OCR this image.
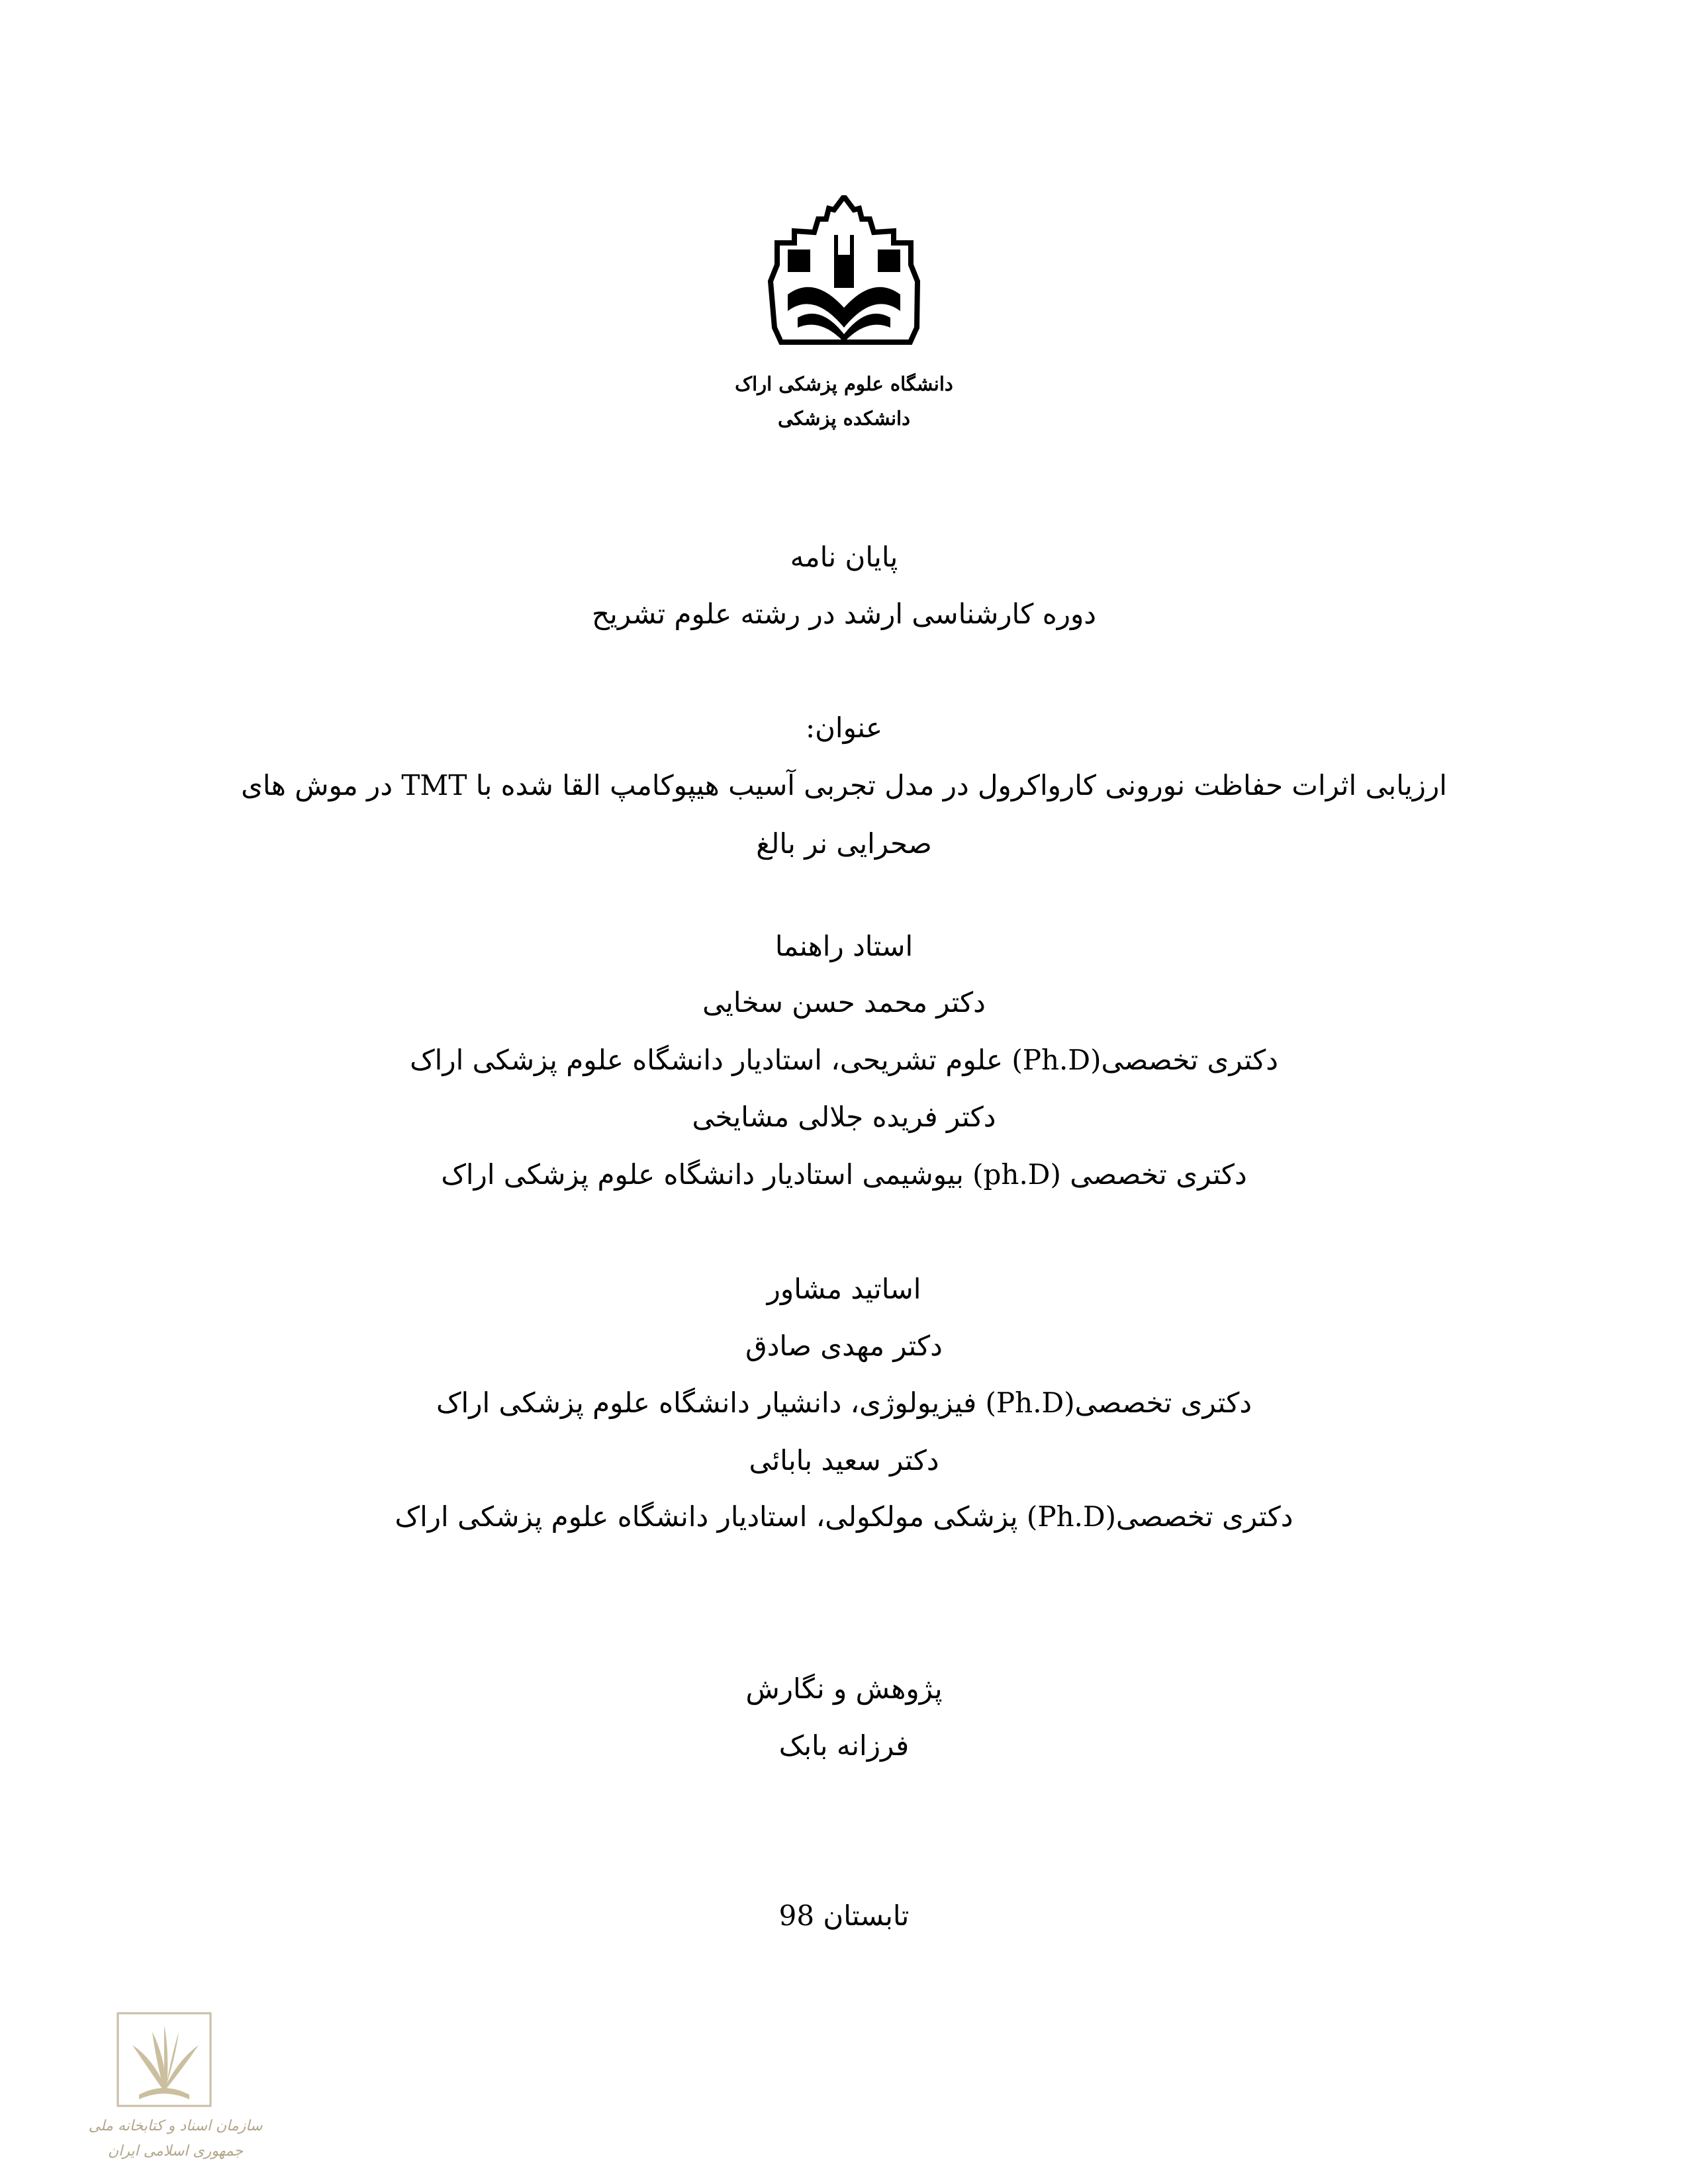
دانشگاه علوم پزشکی اراک
دانشکده پزشکی
پایان نامه
دوره کارشناسی ارشد در رشته علوم تشریح
عنوان:
ارزیابی اثرات حفاظت نورونی کارواکرول در مدل تجربی آسیب هیپوکامپ القا شده با TMT در موش های
صحرایی نر بالغ
استاد راهنما
دکتر محمد حسن سخایی
دکتری تخصصی(Ph.D) علوم تشریحی، استادیار دانشگاه علوم پزشکی اراک
دکتر فریده جلالی مشایخی
دکتری تخصصی (ph.D) بیوشیمی استادیار دانشگاه علوم پزشکی اراک
اساتید مشاور
دکتر مهدی صادق
دکتری تخصصی(Ph.D) فیزیولوژی، دانشیار دانشگاه علوم پزشکی اراک
دکتر سعید بابائی
دکتری تخصصی(Ph.D) پزشکی مولکولی، استادیار دانشگاه علوم پزشکی اراک
پژوهش و نگارش
فرزانه بابک
تابستان 98
سازمان اسناد و کتابخانه ملی
جمهوری اسلامی ایران
